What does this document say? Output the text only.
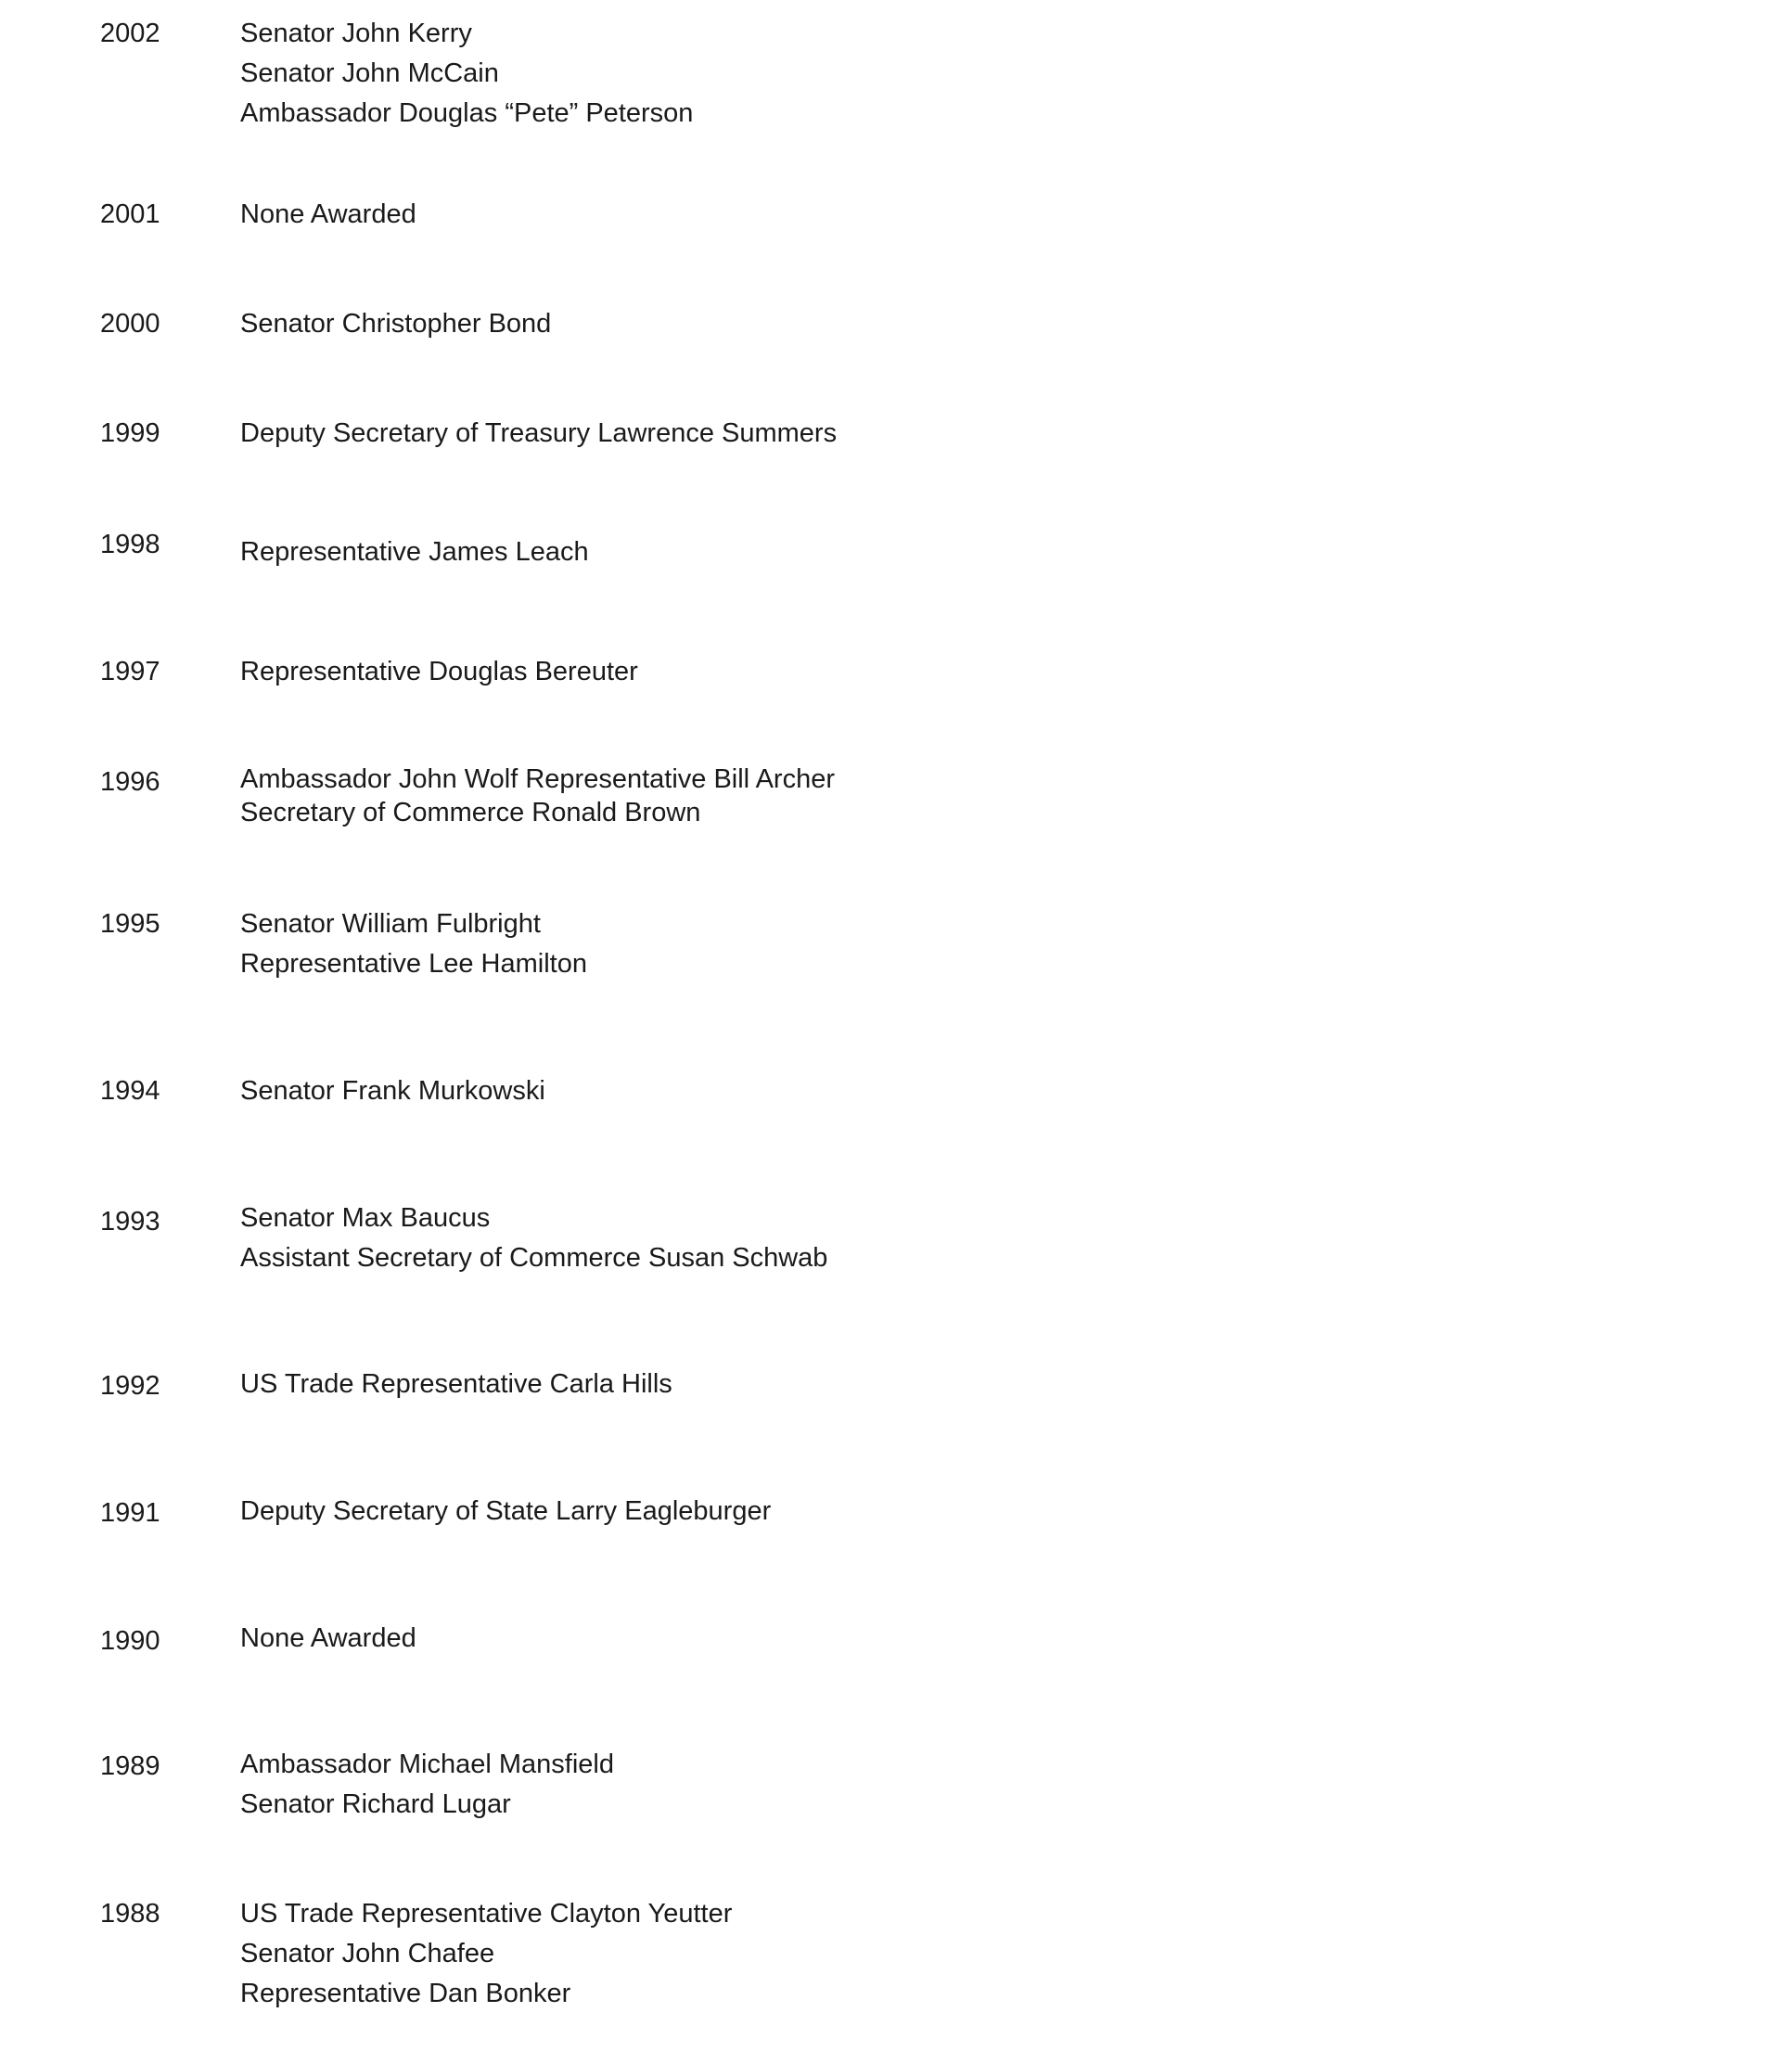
2002	Senator John Kerry
Senator John McCain
Ambassador Douglas “Pete” Peterson
2001	None Awarded
2000	Senator Christopher Bond
1999	Deputy Secretary of Treasury Lawrence Summers
1998	Representative James Leach
1997	Representative Douglas Bereuter
1996	Ambassador John Wolf Representative Bill Archer
Secretary of Commerce Ronald Brown
1995	Senator William Fulbright
Representative Lee Hamilton
1994	Senator Frank Murkowski
1993	Senator Max Baucus
Assistant Secretary of Commerce Susan Schwab
1992	US Trade Representative Carla Hills
1991	Deputy Secretary of State Larry Eagleburger
1990	None Awarded
1989	Ambassador Michael Mansfield
Senator Richard Lugar
1988	US Trade Representative Clayton Yeutter
Senator John Chafee
Representative Dan Bonker
